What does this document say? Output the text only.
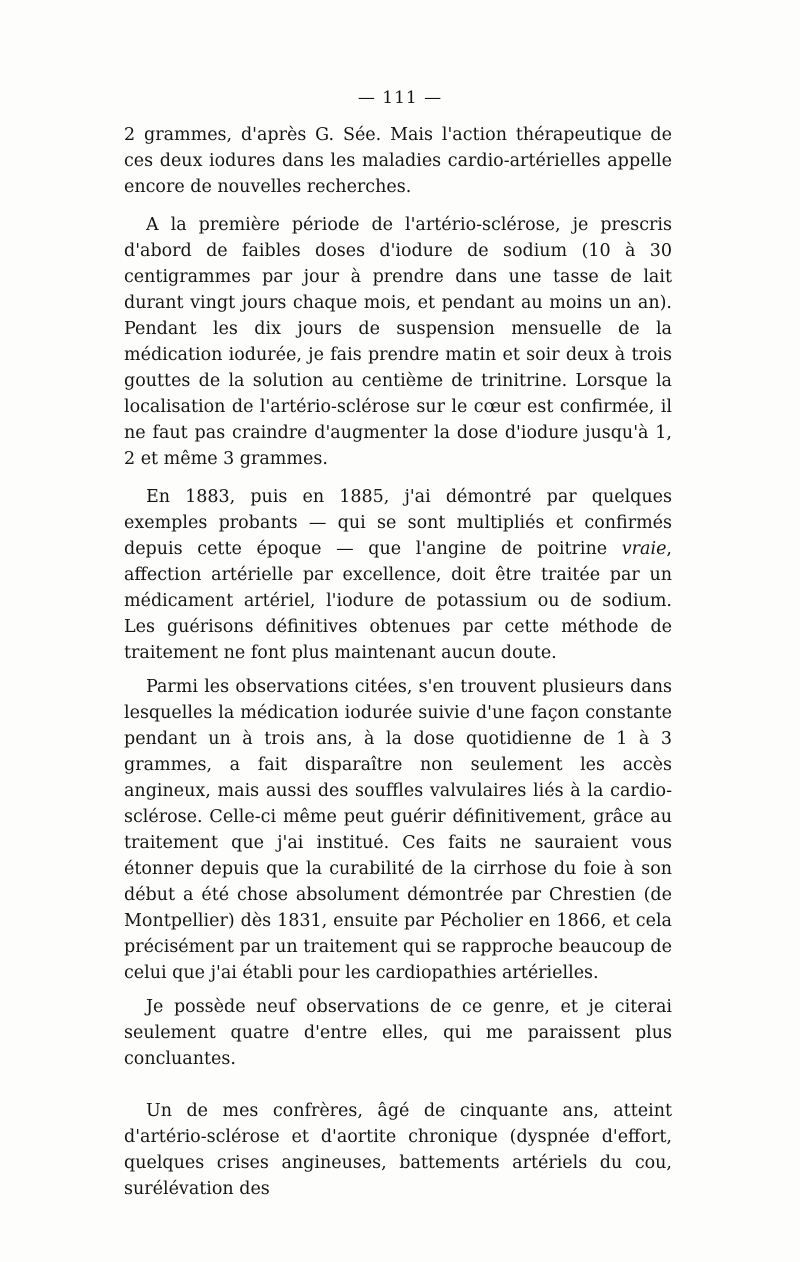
— 111 —

2 grammes, d'après G. Sée. Mais l'action thérapeutique de ces deux iodures dans les maladies cardio-artérielles appelle encore de nouvelles recherches.

A la première période de l'artério-sclérose, je prescris d'abord de faibles doses d'iodure de sodium (10 à 30 centigrammes par jour à prendre dans une tasse de lait durant vingt jours chaque mois, et pendant au moins un an). Pendant les dix jours de suspension mensuelle de la médication iodurée, je fais prendre matin et soir deux à trois gouttes de la solution au centième de trinitrine. Lorsque la localisation de l'artério-sclérose sur le cœur est confirmée, il ne faut pas craindre d'augmenter la dose d'iodure jusqu'à 1, 2 et même 3 grammes.

En 1883, puis en 1885, j'ai démontré par quelques exemples probants — qui se sont multipliés et confirmés depuis cette époque — que l'angine de poitrine vraie, affection artérielle par excellence, doit être traitée par un médicament artériel, l'iodure de potassium ou de sodium. Les guérisons définitives obtenues par cette méthode de traitement ne font plus maintenant aucun doute.

Parmi les observations citées, s'en trouvent plusieurs dans lesquelles la médication iodurée suivie d'une façon constante pendant un à trois ans, à la dose quotidienne de 1 à 3 grammes, a fait disparaître non seulement les accès angineux, mais aussi des souffles valvulaires liés à la cardio-sclérose. Celle-ci même peut guérir définitivement, grâce au traitement que j'ai institué. Ces faits ne sauraient vous étonner depuis que la curabilité de la cirrhose du foie à son début a été chose absolument démontrée par Chrestien (de Montpellier) dès 1831, ensuite par Pécholier en 1866, et cela précisément par un traitement qui se rapproche beaucoup de celui que j'ai établi pour les cardiopathies artérielles.

Je possède neuf observations de ce genre, et je citerai seulement quatre d'entre elles, qui me paraissent plus concluantes.

Un de mes confrères, âgé de cinquante ans, atteint d'artério-sclérose et d'aortite chronique (dyspnée d'effort, quelques crises angineuses, battements artériels du cou, surélévation des
